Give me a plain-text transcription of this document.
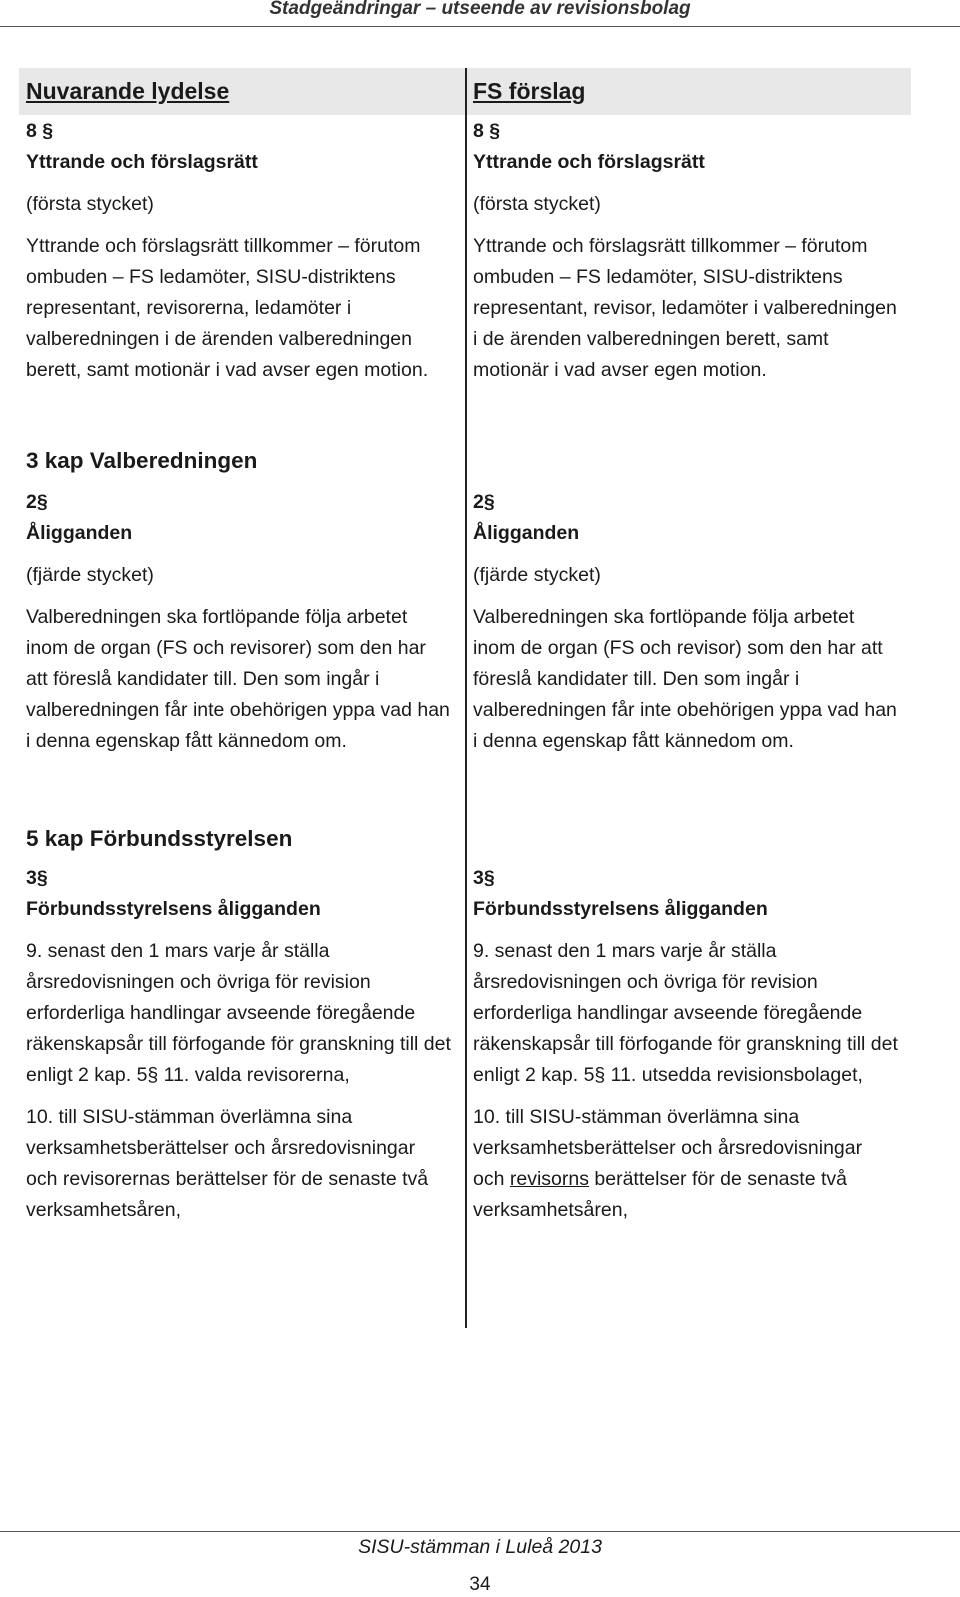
Stadgeändringar – utseende av revisionsbolag
Nuvarande lydelse

8 §

Yttrande och förslagsrätt

(första stycket)

Yttrande och förslagsrätt tillkommer – förutom ombuden – FS ledamöter, SISU-distriktens representant, revisorerna, ledamöter i valberedningen i de ärenden valberedningen berett, samt motionär i vad avser egen motion.

FS förslag

8 §

Yttrande och förslagsrätt

(första stycket)

Yttrande och förslagsrätt tillkommer – förutom ombuden – FS ledamöter, SISU-distriktens representant, revisor, ledamöter i valberedningen i de ärenden valberedningen berett, samt motionär i vad avser egen motion.

3 kap Valberedningen

2§

Åligganden

(fjärde stycket)

Valberedningen ska fortlöpande följa arbetet inom de organ (FS och revisorer) som den har att föreslå kandidater till. Den som ingår i valberedningen får inte obehörigen yppa vad han i denna egenskap fått kännedom om.

2§

Åligganden

(fjärde stycket)

Valberedningen ska fortlöpande följa arbetet inom de organ (FS och revisor) som den har att föreslå kandidater till. Den som ingår i valberedningen får inte obehörigen yppa vad han i denna egenskap fått kännedom om.

5 kap Förbundsstyrelsen

3§

Förbundsstyrelsens åligganden

9. senast den 1 mars varje år ställa årsredovisningen och övriga för revision erforderliga handlingar avseende föregående räkenskapsår till förfogande för granskning till det enligt 2 kap. 5§ 11. valda revisorerna,

10. till SISU-stämman överlämna sina verksamhetsberättelser och årsredovisningar och revisorernas berättelser för de senaste två verksamhetsåren,

3§

Förbundsstyrelsens åligganden

9. senast den 1 mars varje år ställa årsredovisningen och övriga för revision erforderliga handlingar avseende föregående räkenskapsår till förfogande för granskning till det enligt 2 kap. 5§ 11. utsedda revisionsbolaget,

10. till SISU-stämman överlämna sina verksamhetsberättelser och årsredovisningar och revisorns berättelser för de senaste två verksamhetsåren,

SISU-stämman i Luleå 2013
34
